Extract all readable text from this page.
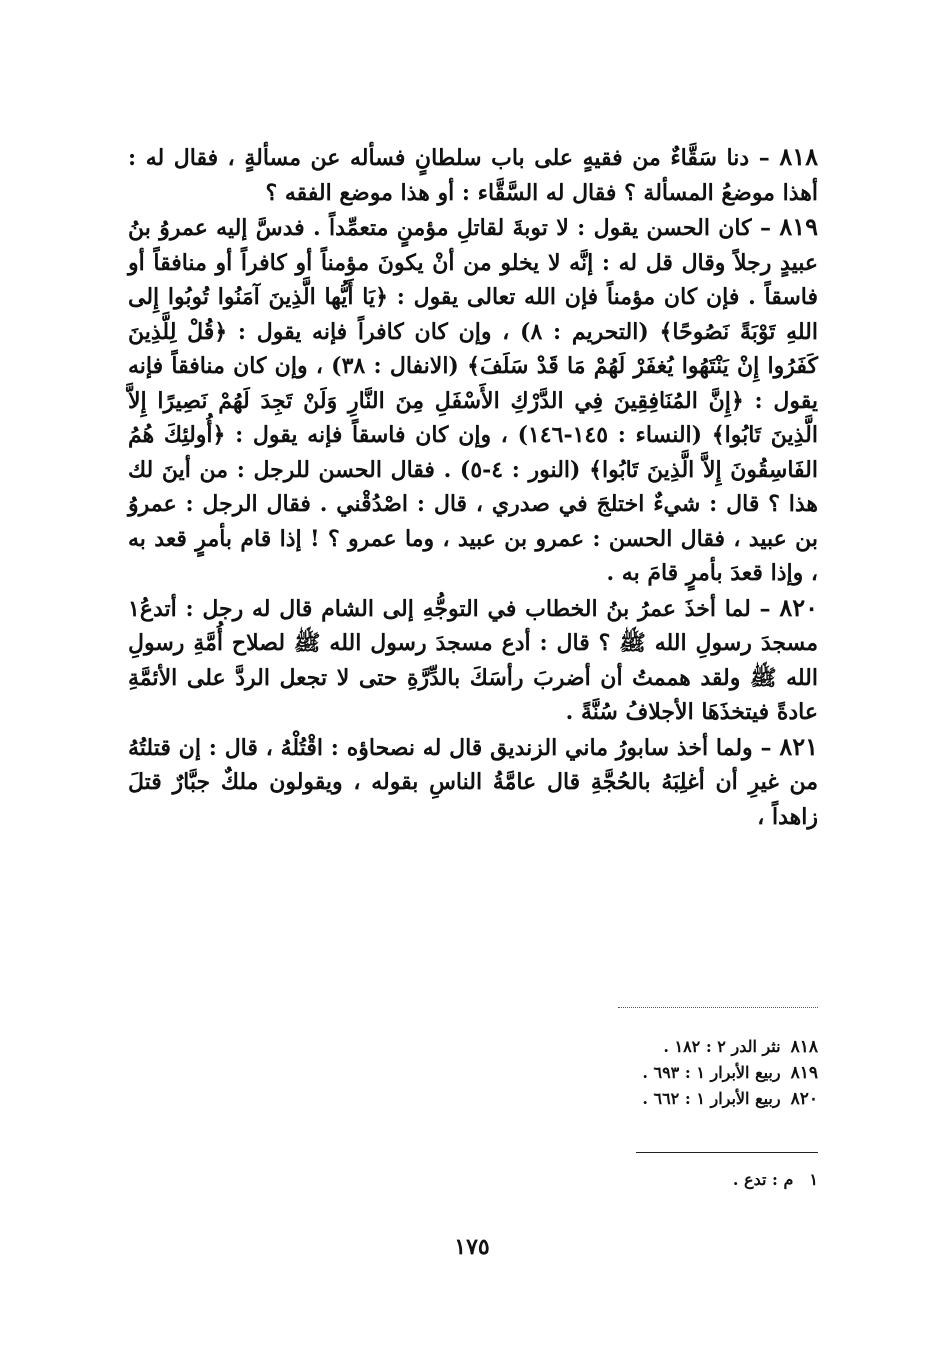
٨١٨ – دنا سَقَّاءٌ من فقيهٍ على باب سلطانٍ فسأله عن مسألةٍ ، فقال له : أهذا موضعُ المسألة ؟ فقال له السَّقَّاء : أو هذا موضع الفقه ؟

٨١٩ – كان الحسن يقول : لا توبةَ لقاتلِ مؤمنٍ متعمِّداً . فدسَّ إليه عمروُ بنُ عبيدٍ رجلاً وقال قل له : إنَّه لا يخلو من أنْ يكونَ مؤمناً أو كافراً أو منافقاً أو فاسقاً . فإن كان مؤمناً فإن الله تعالى يقول : ﴿يَا أَيُّها الَّذِينَ آمَنُوا تُوبُوا إِلى اللهِ تَوْبَةً نَصُوحًا﴾ (التحريم : ٨) ، وإن كان كافراً فإنه يقول : ﴿قُلْ لِلَّذِينَ كَفَرُوا إِنْ يَنْتَهُوا يُغفَرْ لَهُمْ مَا قَدْ سَلَفَ﴾ (الانفال : ٣٨) ، وإن كان منافقاً فإنه يقول : ﴿إِنَّ المُنَافِقِينَ فِي الدَّرْكِ الأَسْفَلِ مِنَ النَّارِ وَلَنْ تَجِدَ لَهُمْ نَصِيرًا إِلاَّ الَّذِينَ تَابُوا﴾ (النساء : ١٤٥-١٤٦) ، وإن كان فاسقاً فإنه يقول : ﴿أُولئِكَ هُمُ الفَاسِقُونَ إِلاَّ الَّذِينَ تَابُوا﴾ (النور : ٤-٥) . فقال الحسن للرجل : من أينَ لك هذا ؟ قال : شيءٌ اختلجَ في صدري ، قال : اصْدُقْني . فقال الرجل : عمروُ بن عبيد ، فقال الحسن : عمرو بن عبيد ، وما عمرو ؟ ! إذا قام بأمرٍ قعد به ، وإذا قعدَ بأمرٍ قامَ به .

٨٢٠ – لما أخذَ عمرُ بنُ الخطاب في التوجُّهِ إلى الشام قال له رجل : أتدعُ١ مسجدَ رسولِ الله ﷺ ؟ قال : أدع مسجدَ رسول الله ﷺ لصلاح أُمَّةِ رسولِ الله ﷺ ولقد هممتُ أن أضربَ رأسَكَ بالدِّرَّةِ حتى لا تجعل الردَّ على الأئمَّةِ عادةً فيتخذَهَا الأجلافُ سُنَّةً .

٨٢١ – ولما أخذ سابورُ ماني الزنديق قال له نصحاؤه : اقْتُلْهُ ، قال : إن قتلتُهُ من غيرِ أن أغلِبَهُ بالحُجَّةِ قال عامَّةُ الناسِ بقوله ، ويقولون ملكٌ جبَّارٌ قتلَ زاهداً ،

٨١٨نثر الدر ٢ : ١٨٢ .
٨١٩ربيع الأبرار ١ : ٦٩٣ .
٨٢٠ربيع الأبرار ١ : ٦٦٢ .
١م : تدع .
١٧٥
